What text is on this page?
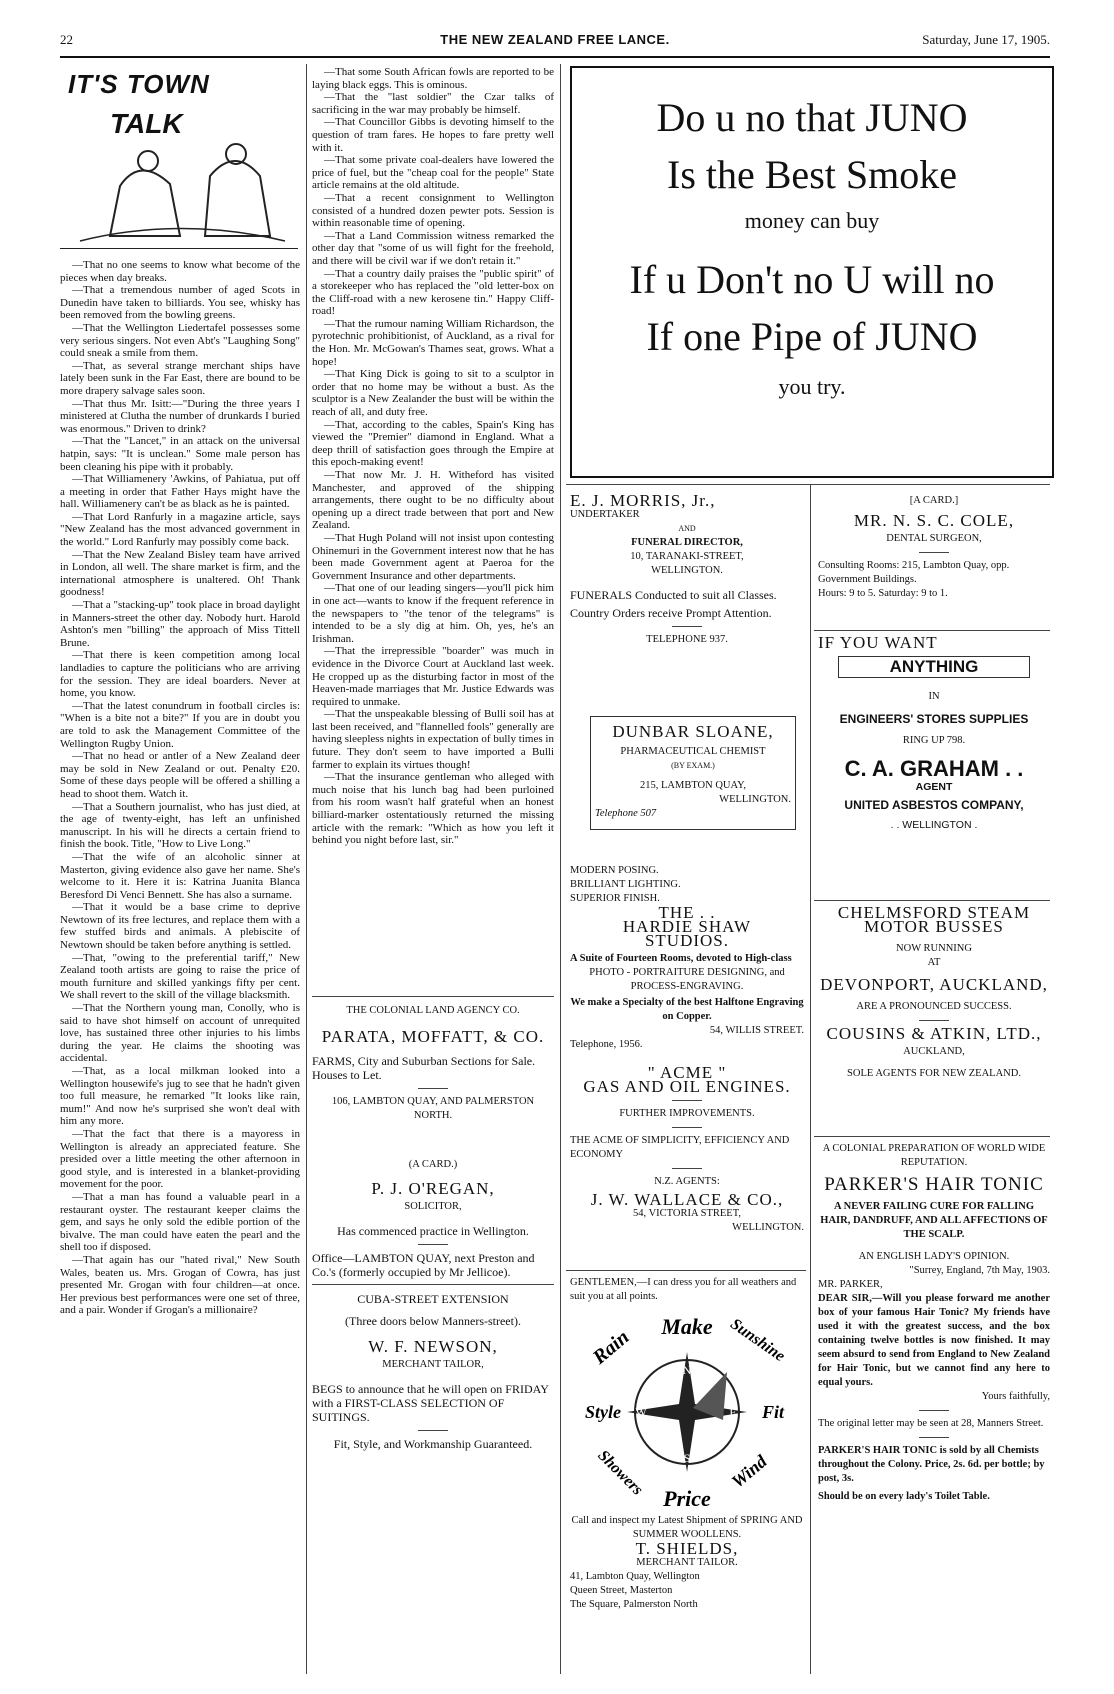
22	THE NEW ZEALAND FREE LANCE.	Saturday, June 17, 1905.
IT'S TOWN
TALK

—That no one seems to know what become of the pieces when day breaks.

—That a tremendous number of aged Scots in Dunedin have taken to billiards. You see, whisky has been removed from the bowling greens.

—That the Wellington Liedertafel possesses some very serious singers. Not even Abt's "Laughing Song" could sneak a smile from them.

—That, as several strange merchant ships have lately been sunk in the Far East, there are bound to be more drapery salvage sales soon.

—That thus Mr. Isitt:—"During the three years I ministered at Clutha the number of drunkards I buried was enormous." Driven to drink?

—That the "Lancet," in an attack on the universal hatpin, says: "It is unclean." Some male person has been cleaning his pipe with it probably.

—That Williamenery 'Awkins, of Pahiatua, put off a meeting in order that Father Hays might have the hall. Williamenery can't be as black as he is painted.

—That Lord Ranfurly in a magazine article, says "New Zealand has the most advanced government in the world." Lord Ranfurly may possibly come back.

—That the New Zealand Bisley team have arrived in London, all well. The share market is firm, and the international atmosphere is unaltered. Oh! Thank goodness!

—That a "stacking-up" took place in broad daylight in Manners-street the other day. Nobody hurt. Harold Ashton's men "billing" the approach of Miss Tittell Brune.

—That there is keen competition among local landladies to capture the politicians who are arriving for the session. They are ideal boarders. Never at home, you know.

—That the latest conundrum in football circles is: "When is a bite not a bite?" If you are in doubt you are told to ask the Management Committee of the Wellington Rugby Union.

—That no head or antler of a New Zealand deer may be sold in New Zealand or out. Penalty £20. Some of these days people will be offered a shilling a head to shoot them. Watch it.

—That a Southern journalist, who has just died, at the age of twenty-eight, has left an unfinished manuscript. In his will he directs a certain friend to finish the book. Title, "How to Live Long."

—That the wife of an alcoholic sinner at Masterton, giving evidence also gave her name. She's welcome to it. Here it is: Katrina Juanita Blanca Beresford Di Venci Bennett. She has also a surname.

—That it would be a base crime to deprive Newtown of its free lectures, and replace them with a few stuffed birds and animals. A plebiscite of Newtown should be taken before anything is settled.

—That, "owing to the preferential tariff," New Zealand tooth artists are going to raise the price of mouth furniture and skilled yankings fifty per cent. We shall revert to the skill of the village blacksmith.

—That the Northern young man, Conolly, who is said to have shot himself on account of unrequited love, has sustained three other injuries to his limbs during the year. He claims the shooting was accidental.

—That, as a local milkman looked into a Wellington housewife's jug to see that he hadn't given too full measure, he remarked "It looks like rain, mum!" And now he's surprised she won't deal with him any more.

—That the fact that there is a mayoress in Wellington is already an appreciated feature. She presided over a little meeting the other afternoon in good style, and is interested in a blanket-providing movement for the poor.

—That a man has found a valuable pearl in a restaurant oyster. The restaurant keeper claims the gem, and says he only sold the edible portion of the bivalve. The man could have eaten the pearl and the shell too if disposed.

—That again has our "hated rival," New South Wales, beaten us. Mrs. Grogan of Cowra, has just presented Mr. Grogan with four children—at once. Her previous best performances were one set of three, and a pair. Wonder if Grogan's a millionaire?

—That some South African fowls are reported to be laying black eggs. This is ominous.

—That the "last soldier" the Czar talks of sacrificing in the war may probably be himself.

—That Councillor Gibbs is devoting himself to the question of tram fares. He hopes to fare pretty well with it.

—That some private coal-dealers have lowered the price of fuel, but the "cheap coal for the people" State article remains at the old altitude.

—That a recent consignment to Wellington consisted of a hundred dozen pewter pots. Session is within reasonable time of opening.

—That a Land Commission witness remarked the other day that "some of us will fight for the freehold, and there will be civil war if we don't retain it."

—That a country daily praises the "public spirit" of a storekeeper who has replaced the "old letter-box on the Cliff-road with a new kerosene tin." Happy Cliff-road!

—That the rumour naming William Richardson, the pyrotechnic prohibitionist, of Auckland, as a rival for the Hon. Mr. McGowan's Thames seat, grows. What a hope!

—That King Dick is going to sit to a sculptor in order that no home may be without a bust. As the sculptor is a New Zealander the bust will be within the reach of all, and duty free.

—That, according to the cables, Spain's King has viewed the "Premier" diamond in England. What a deep thrill of satisfaction goes through the Empire at this epoch-making event!

—That now Mr. J. H. Witheford has visited Manchester, and approved of the shipping arrangements, there ought to be no difficulty about opening up a direct trade between that port and New Zealand.

—That Hugh Poland will not insist upon contesting Ohinemuri in the Government interest now that he has been made Government agent at Paeroa for the Government Insurance and other departments.

—That one of our leading singers—you'll pick him in one act—wants to know if the frequent reference in the newspapers to "the tenor of the telegrams" is intended to be a sly dig at him. Oh, yes, he's an Irishman.

—That the irrepressible "boarder" was much in evidence in the Divorce Court at Auckland last week. He cropped up as the disturbing factor in most of the Heaven-made marriages that Mr. Justice Edwards was required to unmake.

—That the unspeakable blessing of Bulli soil has at last been received, and "flannelled fools" generally are having sleepless nights in expectation of bully times in future. They don't seem to have imported a Bulli farmer to explain its virtues though!

—That the insurance gentleman who alleged with much noise that his lunch bag had been purloined from his room wasn't half grateful when an honest billiard-marker ostentatiously returned the missing article with the remark: "Which as how you left it behind you night before last, sir."

THE COLONIAL LAND AGENCY CO.
PARATA, MOFFATT, & CO.
FARMS, City and Suburban Sections for Sale. Houses to Let.
106, LAMBTON QUAY, AND PALMERSTON NORTH.
(A CARD.)
P. J. O'REGAN,
SOLICITOR,
Has commenced practice in Wellington.
Office—LAMBTON QUAY, next Preston and Co.'s (formerly occupied by Mr Jellicoe).
CUBA-STREET EXTENSION
(Three doors below Manners-street).
W. F. NEWSON,
MERCHANT TAILOR,
BEGS to announce that he will open on FRIDAY with a FIRST-CLASS SELECTION OF SUITINGS.
Fit, Style, and Workmanship Guaranteed.
Do u no that JUNO
Is the Best Smoke
money can buy
If u Don't no U will no
If one Pipe of JUNO
you try.
E. J. MORRIS, Jr.,
UNDERTAKER
AND
FUNERAL DIRECTOR,
10, TARANAKI-STREET,
WELLINGTON.
FUNERALS Conducted to suit all Classes.
Country Orders receive Prompt Attention.
TELEPHONE 937.
DUNBAR SLOANE,
PHARMACEUTICAL CHEMIST
(BY EXAM.)
215, LAMBTON QUAY,
WELLINGTON.
Telephone 507
MODERN POSING.
BRILLIANT LIGHTING.
SUPERIOR FINISH.
THE . .
HARDIE SHAW
STUDIOS.
A Suite of Fourteen Rooms, devoted to High-class
PHOTO - PORTRAITURE DESIGNING, and PROCESS-ENGRAVING.
We make a Specialty of the best Halftone Engraving on Copper.
54, WILLIS STREET.
Telephone, 1956.
" ACME "
GAS AND OIL ENGINES.
FURTHER IMPROVEMENTS.
THE ACME OF SIMPLICITY, EFFICIENCY AND ECONOMY
N.Z. AGENTS:
J. W. WALLACE & CO.,
54, VICTORIA STREET,
WELLINGTON.
GENTLEMEN,—I can dress you for all weathers and suit you at all points.
N
S
E
W
Make Sunshine
Rain
Style	Fit
Wind
Showers Price
Call and inspect my Latest Shipment of SPRING AND SUMMER WOOLLENS.
T. SHIELDS,
MERCHANT TAILOR.
41, Lambton Quay, Wellington
Queen Street, Masterton
The Square, Palmerston North
[A CARD.]
MR. N. S. C. COLE,
DENTAL SURGEON,
Consulting Rooms: 215, Lambton Quay, opp. Government Buildings.
Hours: 9 to 5. Saturday: 9 to 1.
IF YOU WANT
ANYTHING
IN
ENGINEERS' STORES SUPPLIES
RING UP 798.
C. A. GRAHAM . .
AGENT
UNITED ASBESTOS COMPANY,
. . WELLINGTON .
CHELMSFORD STEAM
MOTOR BUSSES
NOW RUNNING
AT
DEVONPORT, AUCKLAND,
ARE A PRONOUNCED SUCCESS.
COUSINS & ATKIN, LTD.,
AUCKLAND,
SOLE AGENTS FOR NEW ZEALAND.
A COLONIAL PREPARATION OF WORLD WIDE REPUTATION.
PARKER'S HAIR TONIC
A NEVER FAILING CURE FOR FALLING HAIR, DANDRUFF, AND ALL AFFECTIONS OF THE SCALP.
AN ENGLISH LADY'S OPINION.
"Surrey, England, 7th May, 1903.
MR. PARKER,
DEAR SIR,—Will you please forward me another box of your famous Hair Tonic? My friends have used it with the greatest success, and the box containing twelve bottles is now finished. It may seem absurd to send from England to New Zealand for Hair Tonic, but we cannot find any here to equal yours.
Yours faithfully,
The original letter may be seen at 28, Manners Street.
PARKER'S HAIR TONIC is sold by all Chemists throughout the Colony. Price, 2s. 6d. per bottle; by post, 3s.
Should be on every lady's Toilet Table.
